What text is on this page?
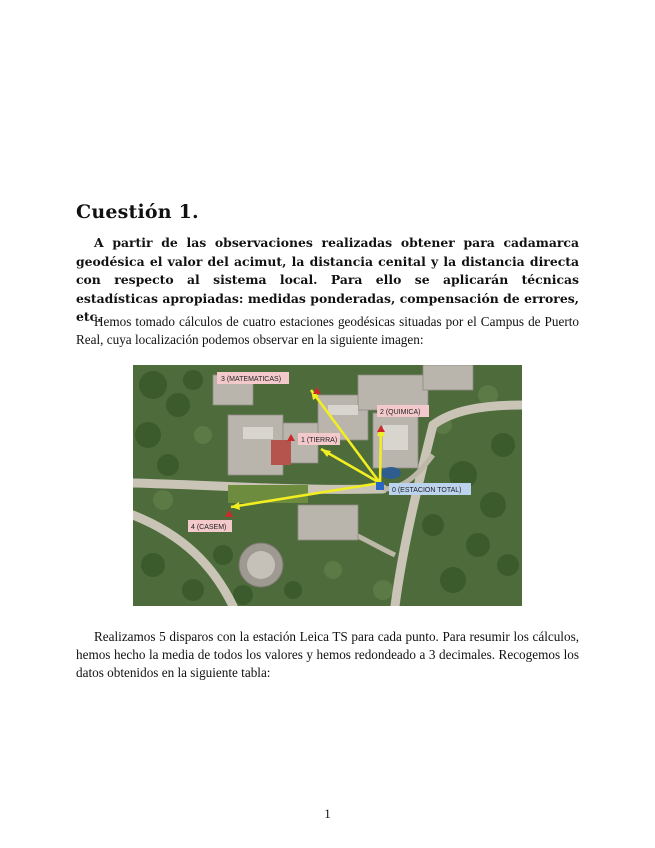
Cuestión 1.

A partir de las observaciones realizadas obtener para cadamarca geodésica el valor del acimut, la distancia cenital y la distancia directa con respecto al sistema local. Para ello se aplicarán técnicas estadísticas apropiadas: medidas ponderadas, compensación de errores, etc.

Hemos tomado cálculos de cuatro estaciones geodésicas situadas por el Campus de Puerto Real, cuya localización podemos observar en la siguiente imagen:

3 (MATEMATICAS)
2 (QUIMICA)
1 (TIERRA)
0 (ESTACION TOTAL)
4 (CASEM)

Realizamos 5 disparos con la estación Leica TS para cada punto. Para resumir los cálculos, hemos hecho la media de todos los valores y hemos redondeado a 3 decimales. Recogemos los datos obtenidos en la siguiente tabla:

1
